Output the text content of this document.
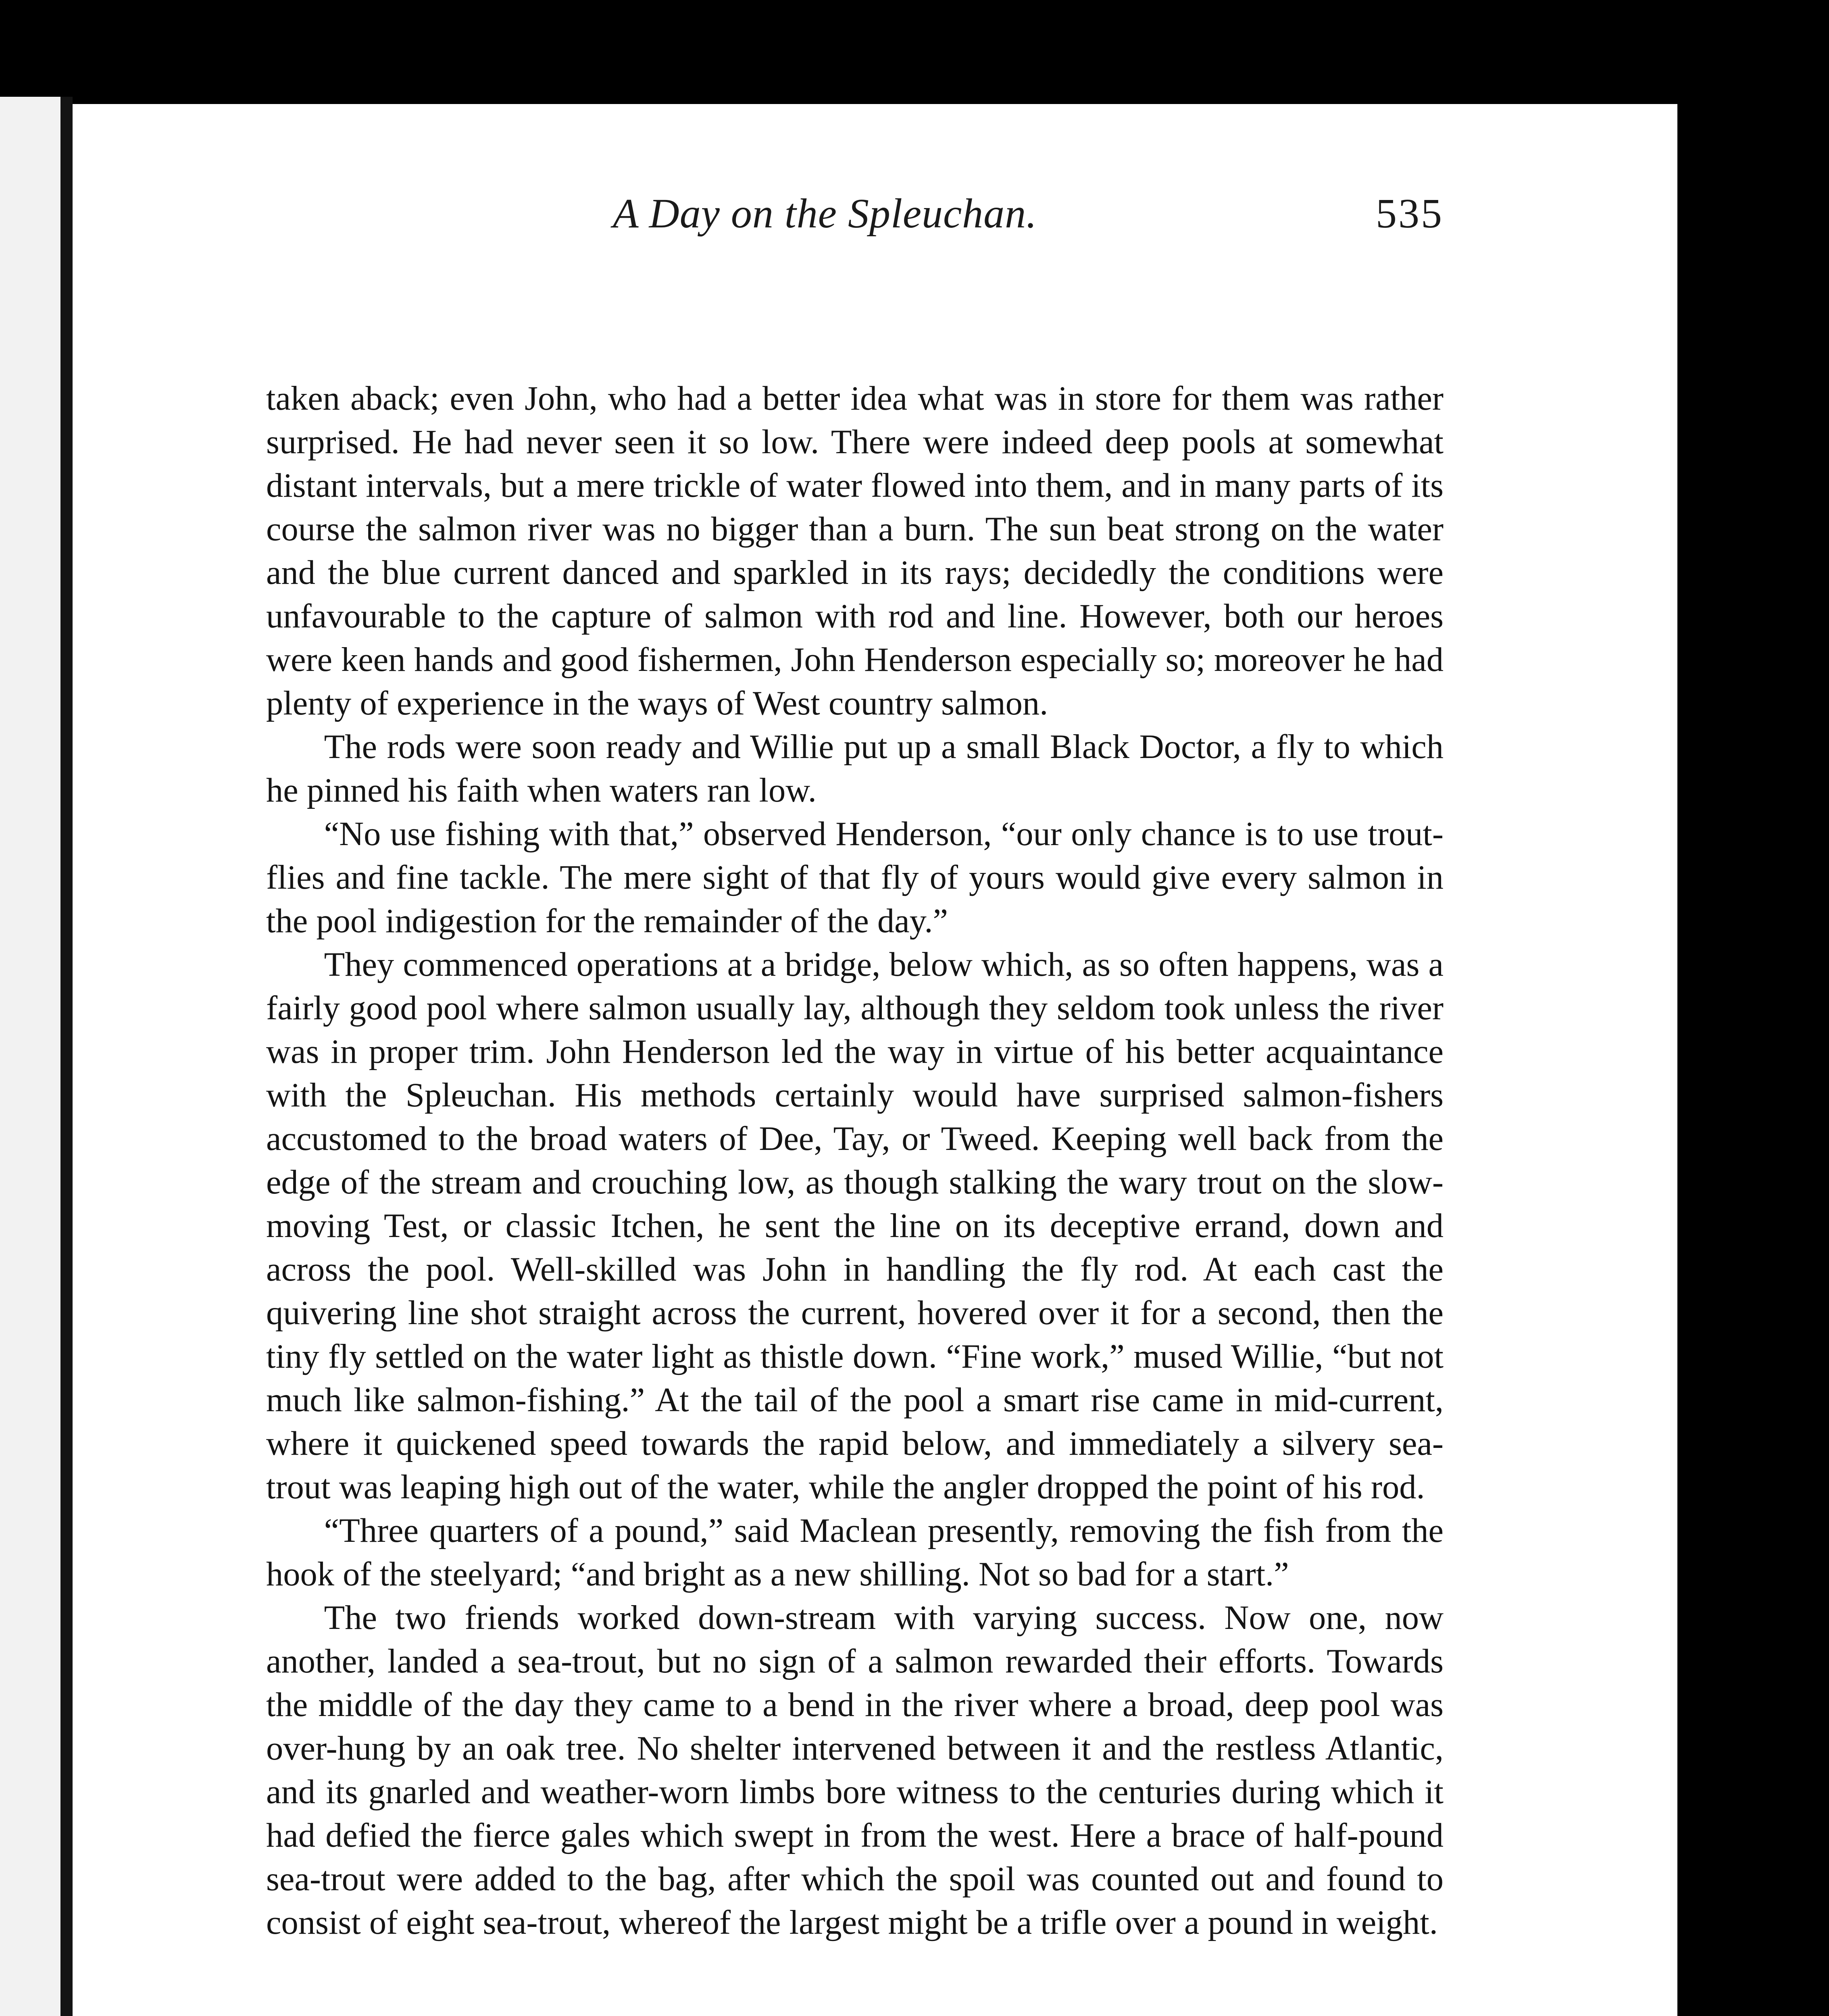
A Day on the Spleuchan.	535

taken aback; even John, who had a better idea what was in store for them was rather surprised. He had never seen it so low. There were indeed deep pools at somewhat distant intervals, but a mere trickle of water flowed into them, and in many parts of its course the salmon river was no bigger than a burn. The sun beat strong on the water and the blue current danced and sparkled in its rays; decidedly the conditions were unfavourable to the capture of salmon with rod and line. However, both our heroes were keen hands and good fishermen, John Henderson especially so; moreover he had plenty of experience in the ways of West country salmon.

The rods were soon ready and Willie put up a small Black Doctor, a fly to which he pinned his faith when waters ran low.

“No use fishing with that,” observed Henderson, “our only chance is to use trout-flies and fine tackle. The mere sight of that fly of yours would give every salmon in the pool indigestion for the remainder of the day.”

They commenced operations at a bridge, below which, as so often happens, was a fairly good pool where salmon usually lay, although they seldom took unless the river was in proper trim. John Henderson led the way in virtue of his better acquaintance with the Spleuchan. His methods certainly would have surprised salmon-fishers accustomed to the broad waters of Dee, Tay, or Tweed. Keeping well back from the edge of the stream and crouching low, as though stalking the wary trout on the slow-moving Test, or classic Itchen, he sent the line on its deceptive errand, down and across the pool. Well-skilled was John in handling the fly rod. At each cast the quivering line shot straight across the current, hovered over it for a second, then the tiny fly settled on the water light as thistle down. “Fine work,” mused Willie, “but not much like salmon-fishing.” At the tail of the pool a smart rise came in mid-current, where it quickened speed towards the rapid below, and immediately a silvery sea-trout was leaping high out of the water, while the angler dropped the point of his rod.

“Three quarters of a pound,” said Maclean presently, removing the fish from the hook of the steelyard; “and bright as a new shilling. Not so bad for a start.”

The two friends worked down-stream with varying success. Now one, now another, landed a sea-trout, but no sign of a salmon rewarded their efforts. Towards the middle of the day they came to a bend in the river where a broad, deep pool was over-hung by an oak tree. No shelter intervened between it and the restless Atlantic, and its gnarled and weather-worn limbs bore witness to the centuries during which it had defied the fierce gales which swept in from the west. Here a brace of half-pound sea-trout were added to the bag, after which the spoil was counted out and found to consist of eight sea-trout, whereof the largest might be a trifle over a pound in weight.
